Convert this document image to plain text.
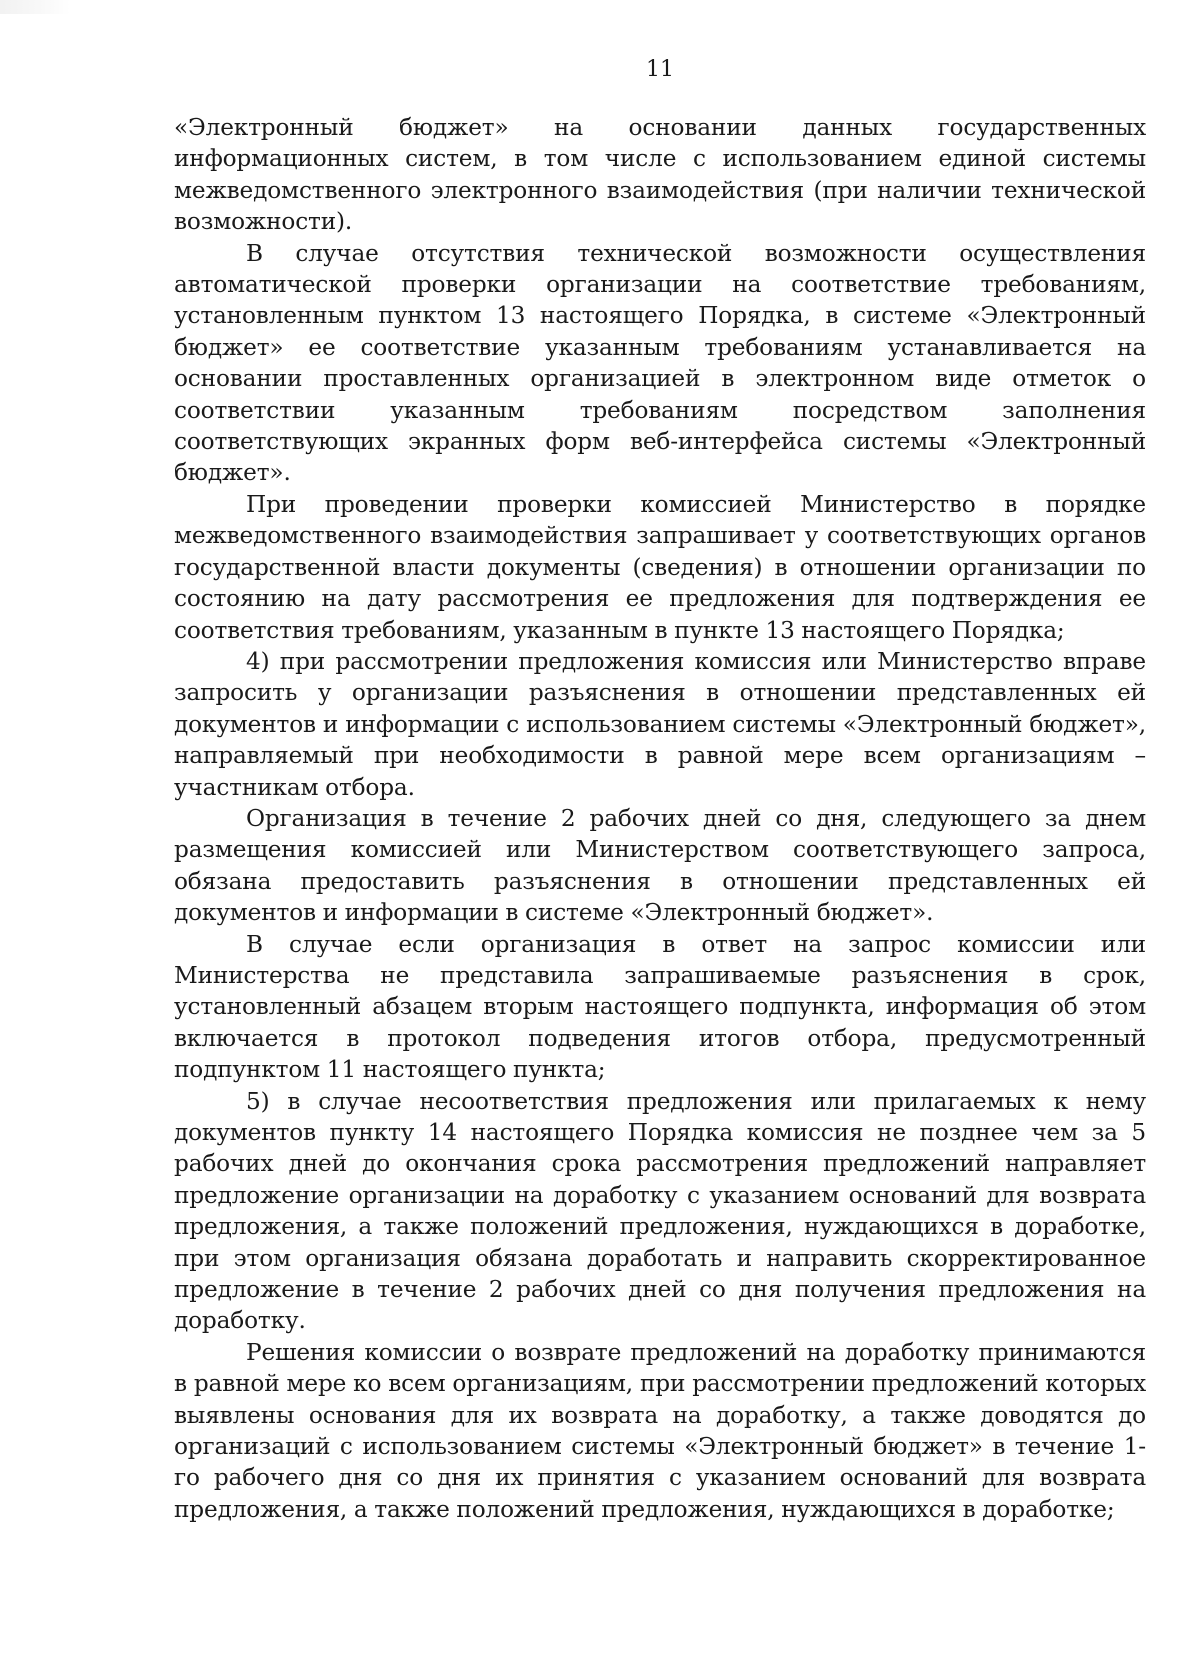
11

«Электронный бюджет» на основании данных государственных информационных систем, в том числе с использованием единой системы межведомственного электронного взаимодействия (при наличии технической возможности).

В случае отсутствия технической возможности осуществления автоматической проверки организации на соответствие требованиям, установленным пунктом 13 настоящего Порядка, в системе «Электронный бюджет» ее соответствие указанным требованиям устанавливается на основании проставленных организацией в электронном виде отметок о соответствии указанным требованиям посредством заполнения соответствующих экранных форм веб-интерфейса системы «Электронный бюджет».

При проведении проверки комиссией Министерство в порядке межведомственного взаимодействия запрашивает у соответствующих органов государственной власти документы (сведения) в отношении организации по состоянию на дату рассмотрения ее предложения для подтверждения ее соответствия требованиям, указанным в пункте 13 настоящего Порядка;

4) при рассмотрении предложения комиссия или Министерство вправе запросить у организации разъяснения в отношении представленных ей документов и информации с использованием системы «Электронный бюджет», направляемый при необходимости в равной мере всем организациям – участникам отбора.

Организация в течение 2 рабочих дней со дня, следующего за днем размещения комиссией или Министерством соответствующего запроса, обязана предоставить разъяснения в отношении представленных ей документов и информации в системе «Электронный бюджет».

В случае если организация в ответ на запрос комиссии или Министерства не представила запрашиваемые разъяснения в срок, установленный абзацем вторым настоящего подпункта, информация об этом включается в протокол подведения итогов отбора, предусмотренный подпунктом 11 настоящего пункта;

5) в случае несоответствия предложения или прилагаемых к нему документов пункту 14 настоящего Порядка комиссия не позднее чем за 5 рабочих дней до окончания срока рассмотрения предложений направляет предложение организации на доработку с указанием оснований для возврата предложения, а также положений предложения, нуждающихся в доработке, при этом организация обязана доработать и направить скорректированное предложение в течение 2 рабочих дней со дня получения предложения на доработку.

Решения комиссии о возврате предложений на доработку принимаются в равной мере ко всем организациям, при рассмотрении предложений которых выявлены основания для их возврата на доработку, а также доводятся до организаций с использованием системы «Электронный бюджет» в течение 1-го рабочего дня со дня их принятия с указанием оснований для возврата предложения, а также положений предложения, нуждающихся в доработке;
